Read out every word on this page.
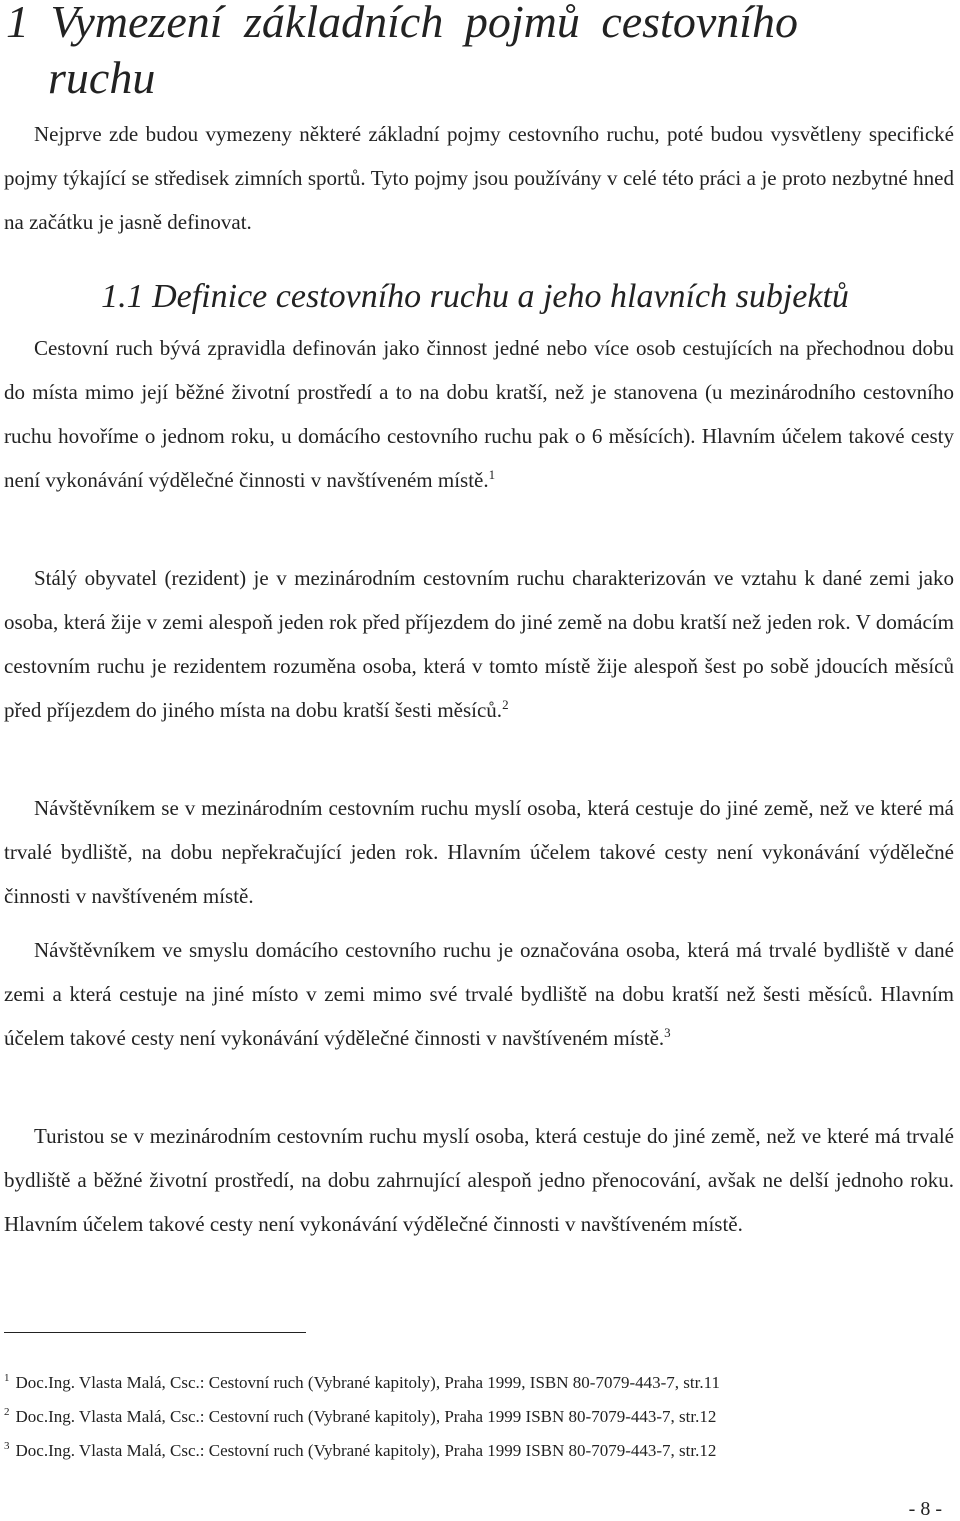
1 Vymezení základních pojmů cestovního
ruchu

Nejprve zde budou vymezeny některé základní pojmy cestovního ruchu, poté budou vysvětleny specifické pojmy týkající se středisek zimních sportů. Tyto pojmy jsou používány v celé této práci a je proto nezbytné hned na začátku je jasně definovat.

1.1 Definice cestovního ruchu a jeho hlavních subjektů

Cestovní ruch bývá zpravidla definován jako činnost jedné nebo více osob cestujících na přechodnou dobu do místa mimo její běžné životní prostředí a to na dobu kratší, než je stanovena (u mezinárodního cestovního ruchu hovoříme o jednom roku, u domácího cestovního ruchu pak o 6 měsících). Hlavním účelem takové cesty není vykonávání výdělečné činnosti v navštíveném místě.$^1$

Stálý obyvatel (rezident) je v mezinárodním cestovním ruchu charakterizován ve vztahu k dané zemi jako osoba, která žije v zemi alespoň jeden rok před příjezdem do jiné země na dobu kratší než jeden rok. V domácím cestovním ruchu je rezidentem rozuměna osoba, která v tomto místě žije alespoň šest po sobě jdoucích měsíců před příjezdem do jiného místa na dobu kratší šesti měsíců.$^2$

Návštěvníkem se v mezinárodním cestovním ruchu myslí osoba, která cestuje do jiné země, než ve které má trvalé bydliště, na dobu nepřekračující jeden rok. Hlavním účelem takové cesty není vykonávání výdělečné činnosti v navštíveném místě.

Návštěvníkem ve smyslu domácího cestovního ruchu je označována osoba, která má trvalé bydliště v dané zemi a která cestuje na jiné místo v zemi mimo své trvalé bydliště na dobu kratší než šesti měsíců. Hlavním účelem takové cesty není vykonávání výdělečné činnosti v navštíveném místě.$^3$

Turistou se v mezinárodním cestovním ruchu myslí osoba, která cestuje do jiné země, než ve které má trvalé bydliště a běžné životní prostředí, na dobu zahrnující alespoň jedno přenocování, avšak ne delší jednoho roku. Hlavním účelem takové cesty není vykonávání výdělečné činnosti v navštíveném místě.

$^1$ Doc.Ing. Vlasta Malá, Csc.: Cestovní ruch (Vybrané kapitoly), Praha 1999, ISBN 80-7079-443-7, str.11

$^2$ Doc.Ing. Vlasta Malá, Csc.: Cestovní ruch (Vybrané kapitoly), Praha 1999 ISBN 80-7079-443-7, str.12

$^3$ Doc.Ing. Vlasta Malá, Csc.: Cestovní ruch (Vybrané kapitoly), Praha 1999 ISBN 80-7079-443-7, str.12

- 8 -
